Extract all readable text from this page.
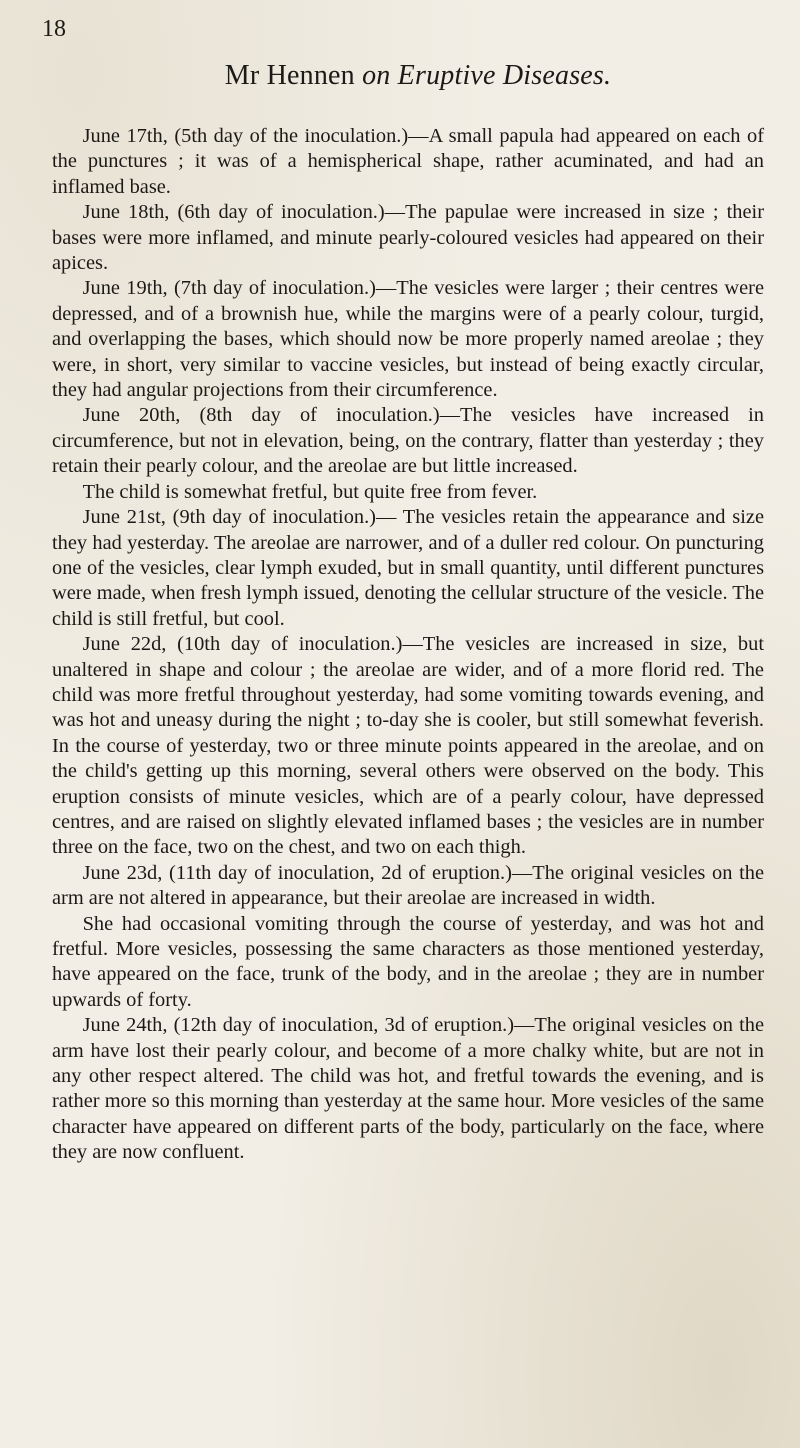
18
Mr Hennen on Eruptive Diseases.

June 17th, (5th day of the inoculation.)—A small papula had appeared on each of the punctures ; it was of a hemispherical shape, rather acuminated, and had an inflamed base.

June 18th, (6th day of inoculation.)—The papulae were increased in size ; their bases were more inflamed, and minute pearly-coloured vesicles had appeared on their apices.

June 19th, (7th day of inoculation.)—The vesicles were larger ; their centres were depressed, and of a brownish hue, while the margins were of a pearly colour, turgid, and overlapping the bases, which should now be more properly named areolae ; they were, in short, very similar to vaccine vesicles, but instead of being exactly circular, they had angular projections from their circumference.

June 20th, (8th day of inoculation.)—The vesicles have increased in circumference, but not in elevation, being, on the contrary, flatter than yesterday ; they retain their pearly colour, and the areolae are but little increased.

The child is somewhat fretful, but quite free from fever.

June 21st, (9th day of inoculation.)— The vesicles retain the appearance and size they had yesterday. The areolae are narrower, and of a duller red colour. On puncturing one of the vesicles, clear lymph exuded, but in small quantity, until different punctures were made, when fresh lymph issued, denoting the cellular structure of the vesicle. The child is still fretful, but cool.

June 22d, (10th day of inoculation.)—The vesicles are increased in size, but unaltered in shape and colour ; the areolae are wider, and of a more florid red. The child was more fretful throughout yesterday, had some vomiting towards evening, and was hot and uneasy during the night ; to-day she is cooler, but still somewhat feverish. In the course of yesterday, two or three minute points appeared in the areolae, and on the child's getting up this morning, several others were observed on the body. This eruption consists of minute vesicles, which are of a pearly colour, have depressed centres, and are raised on slightly elevated inflamed bases ; the vesicles are in number three on the face, two on the chest, and two on each thigh.

June 23d, (11th day of inoculation, 2d of eruption.)—The original vesicles on the arm are not altered in appearance, but their areolae are increased in width.

She had occasional vomiting through the course of yesterday, and was hot and fretful. More vesicles, possessing the same characters as those mentioned yesterday, have appeared on the face, trunk of the body, and in the areolae ; they are in number upwards of forty.

June 24th, (12th day of inoculation, 3d of eruption.)—The original vesicles on the arm have lost their pearly colour, and become of a more chalky white, but are not in any other respect altered. The child was hot, and fretful towards the evening, and is rather more so this morning than yesterday at the same hour. More vesicles of the same character have appeared on different parts of the body, particularly on the face, where they are now confluent.
